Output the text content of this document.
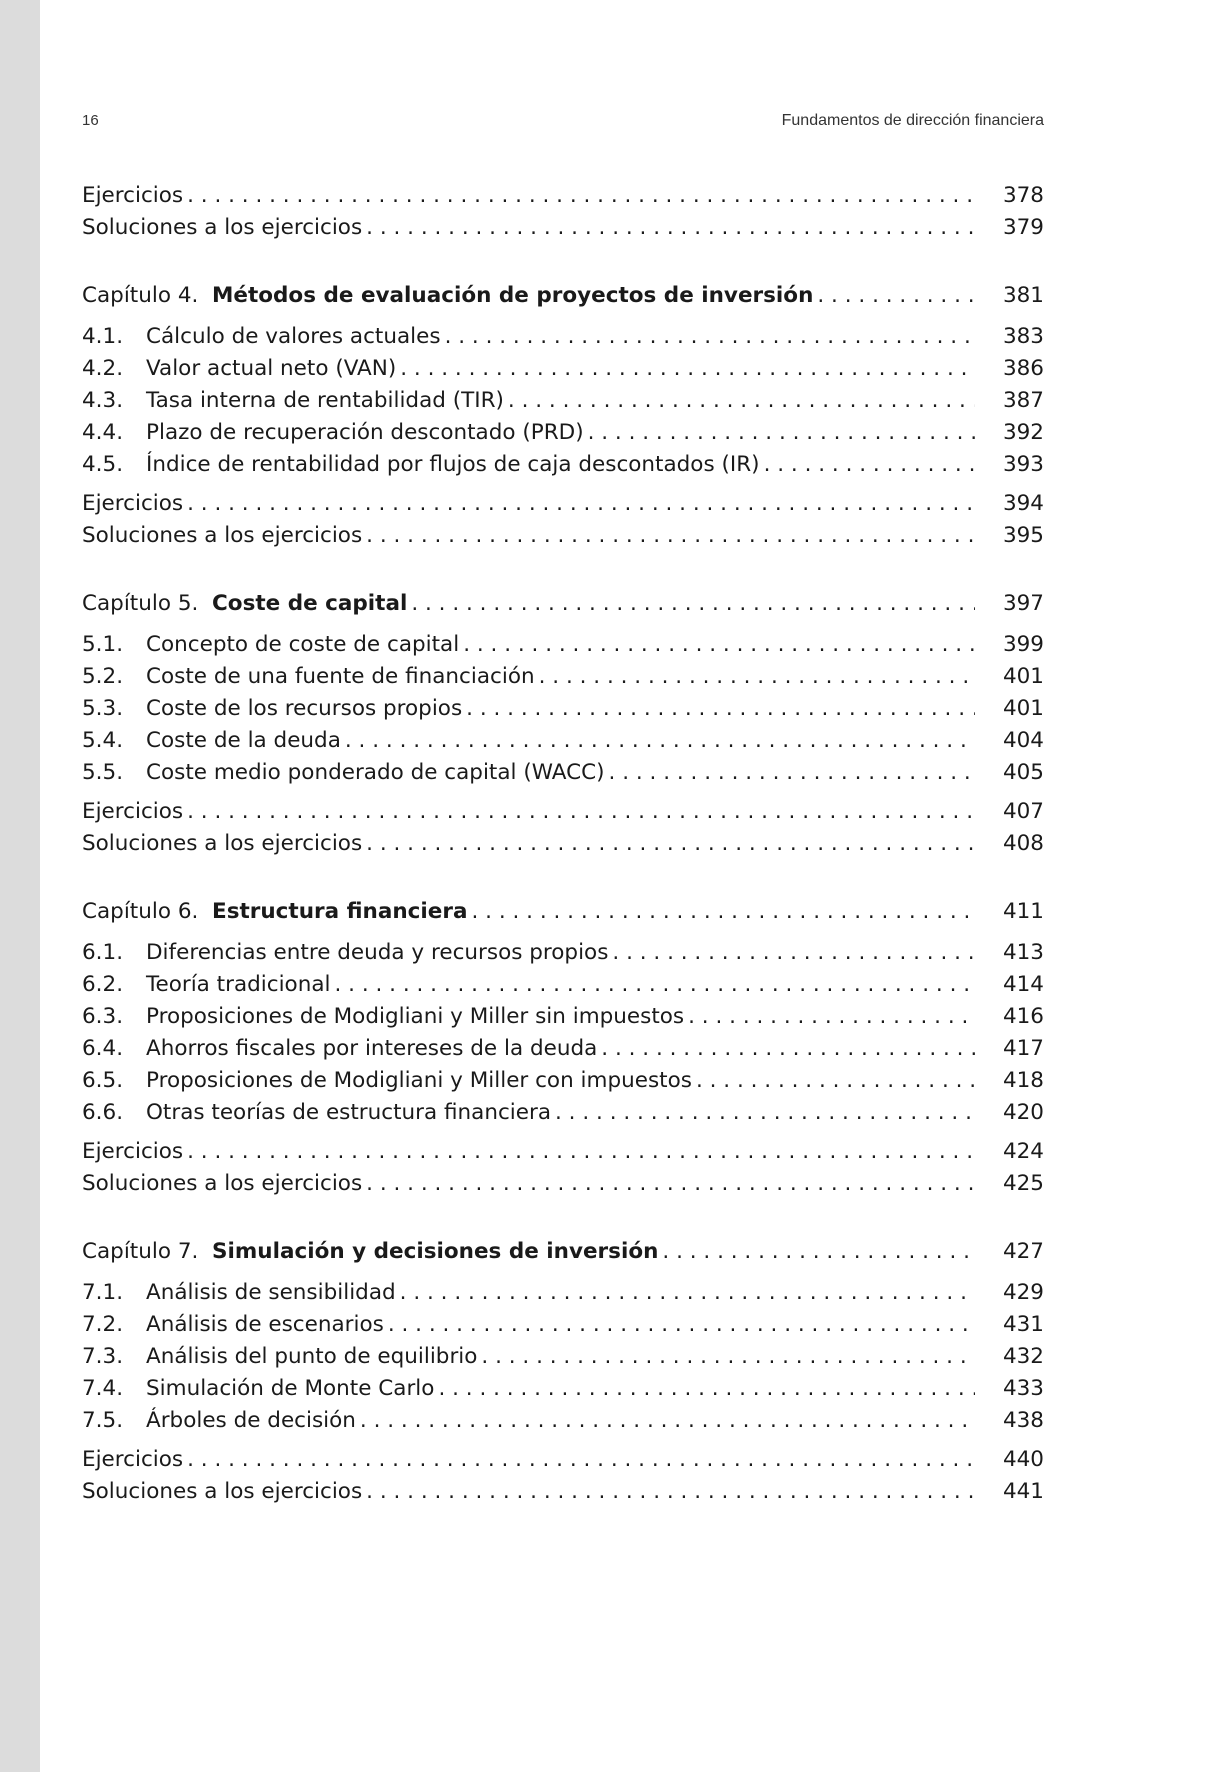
16	Fundamentos de dirección financiera
Ejercicios . . .	378
Soluciones a los ejercicios . . .	379
Capítulo 4. Métodos de evaluación de proyectos de inversión . . .	381
4.1.	Cálculo de valores actuales . . .	383
4.2.	Valor actual neto (VAN) . . .	386
4.3.	Tasa interna de rentabilidad (TIR) . . .	387
4.4.	Plazo de recuperación descontado (PRD) . . .	392
4.5.	Índice de rentabilidad por flujos de caja descontados (IR) . . .	393
Ejercicios . . .	394
Soluciones a los ejercicios . . .	395
Capítulo 5. Coste de capital . . .	397
5.1.	Concepto de coste de capital . . .	399
5.2.	Coste de una fuente de financiación . . .	401
5.3.	Coste de los recursos propios . . .	401
5.4.	Coste de la deuda . . .	404
5.5.	Coste medio ponderado de capital (WACC) . . .	405
Ejercicios . . .	407
Soluciones a los ejercicios . . .	408
Capítulo 6. Estructura financiera . . .	411
6.1.	Diferencias entre deuda y recursos propios . . .	413
6.2.	Teoría tradicional . . .	414
6.3.	Proposiciones de Modigliani y Miller sin impuestos . . .	416
6.4.	Ahorros fiscales por intereses de la deuda . . .	417
6.5.	Proposiciones de Modigliani y Miller con impuestos . . .	418
6.6.	Otras teorías de estructura financiera . . .	420
Ejercicios . . .	424
Soluciones a los ejercicios . . .	425
Capítulo 7. Simulación y decisiones de inversión . . .	427
7.1.	Análisis de sensibilidad . . .	429
7.2.	Análisis de escenarios . . .	431
7.3.	Análisis del punto de equilibrio . . .	432
7.4.	Simulación de Monte Carlo . . .	433
7.5.	Árboles de decisión . . .	438
Ejercicios . . .	440
Soluciones a los ejercicios . . .	441
